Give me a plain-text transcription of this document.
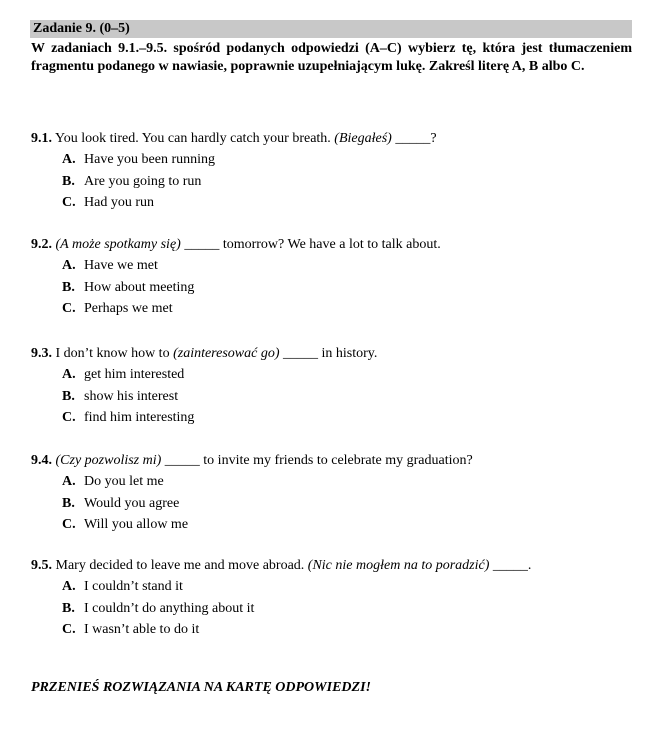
Zadanie 9. (0–5)
W zadaniach 9.1.–9.5. spośród podanych odpowiedzi (A–C) wybierz tę, która jest tłumaczeniem fragmentu podanego w nawiasie, poprawnie uzupełniającym lukę. Zakreśl literę A, B albo C.
9.1. You look tired. You can hardly catch your breath. (Biegałeś) _____?
A. Have you been running
B. Are you going to run
C. Had you run
9.2. (A może spotkamy się) _____ tomorrow? We have a lot to talk about.
A. Have we met
B. How about meeting
C. Perhaps we met
9.3. I don’t know how to (zainteresować go) _____ in history.
A. get him interested
B. show his interest
C. find him interesting
9.4. (Czy pozwolisz mi) _____ to invite my friends to celebrate my graduation?
A. Do you let me
B. Would you agree
C. Will you allow me
9.5. Mary decided to leave me and move abroad. (Nic nie mogłem na to poradzić) _____.
A. I couldn’t stand it
B. I couldn’t do anything about it
C. I wasn’t able to do it
PRZENIEŚ ROZWIĄZANIA NA KARTĘ ODPOWIEDZI!
